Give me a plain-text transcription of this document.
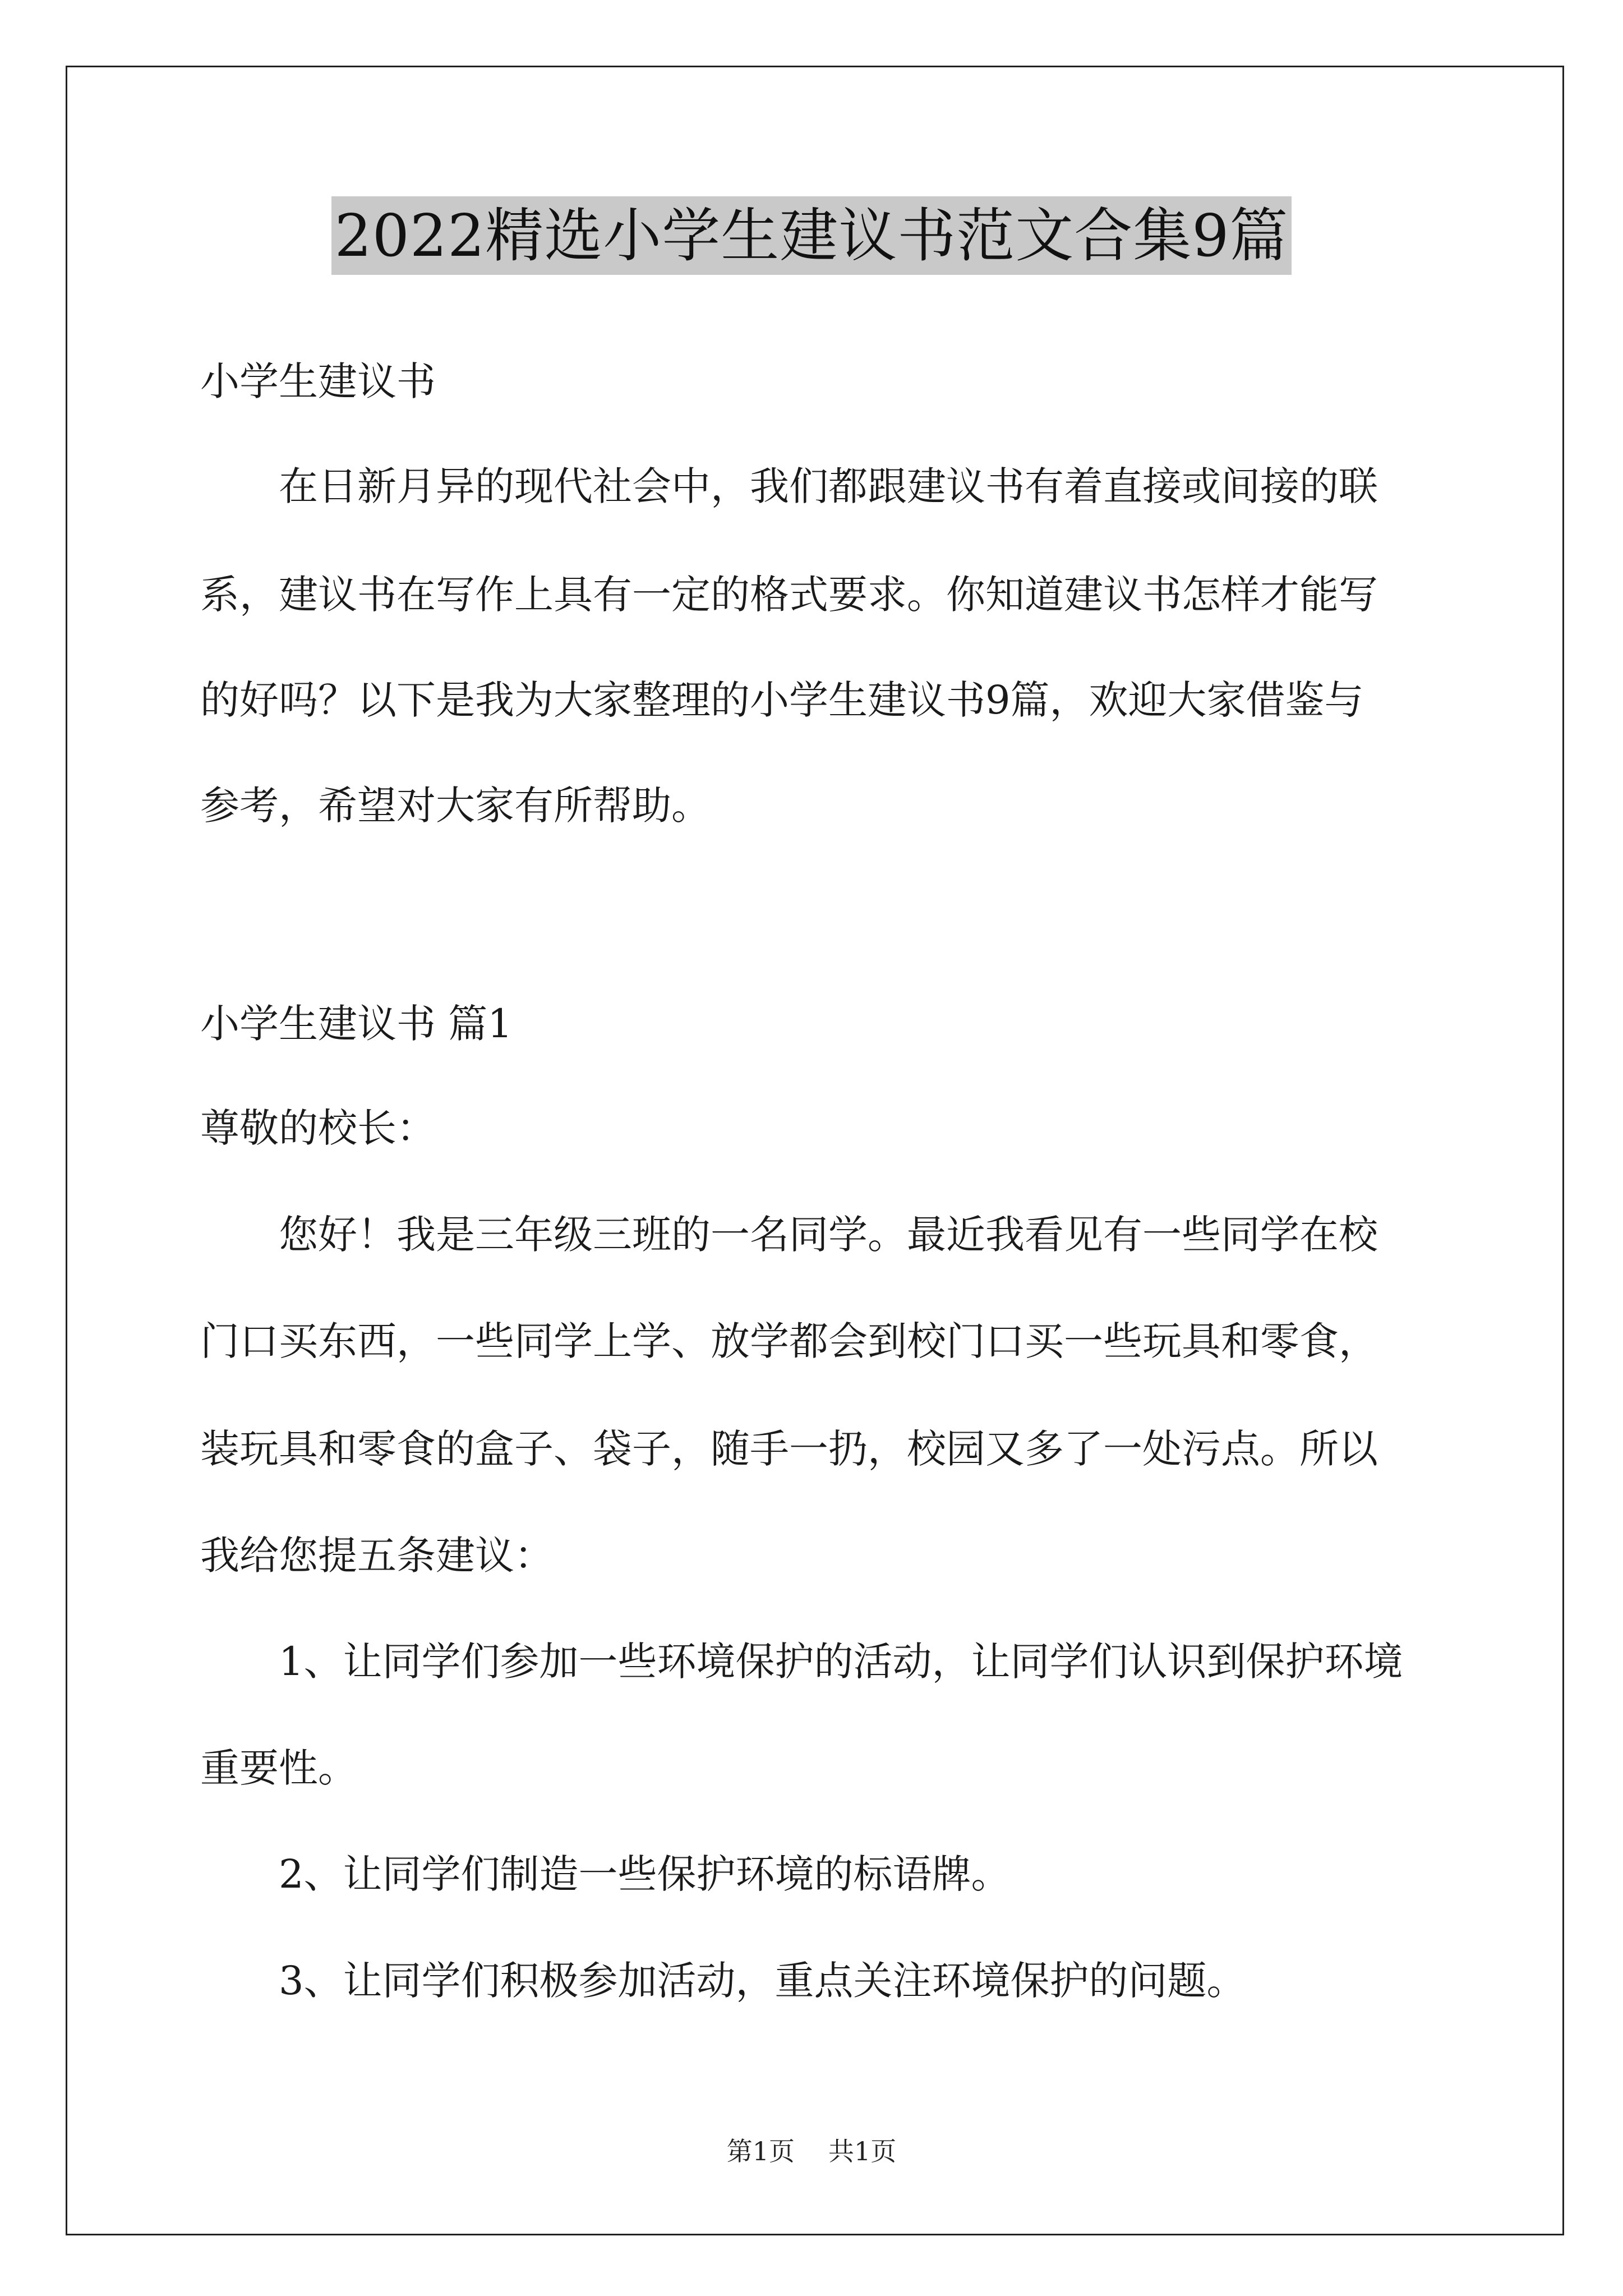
2022精选小学生建议书范文合集9篇
小学生建议书
在日新月异的现代社会中，我们都跟建议书有着直接或间接的联
系，建议书在写作上具有一定的格式要求。你知道建议书怎样才能写
的好吗？以下是我为大家整理的小学生建议书9篇，欢迎大家借鉴与
参考，希望对大家有所帮助。
小学生建议书 篇1
尊敬的校长：
您好！我是三年级三班的一名同学。最近我看见有一些同学在校
门口买东西，一些同学上学、放学都会到校门口买一些玩具和零食，
装玩具和零食的盒子、袋子，随手一扔，校园又多了一处污点。所以
我给您提五条建议：
1、让同学们参加一些环境保护的活动，让同学们认识到保护环境
重要性。
2、让同学们制造一些保护环境的标语牌。
3、让同学们积极参加活动，重点关注环境保护的问题。
第1页 共1页
